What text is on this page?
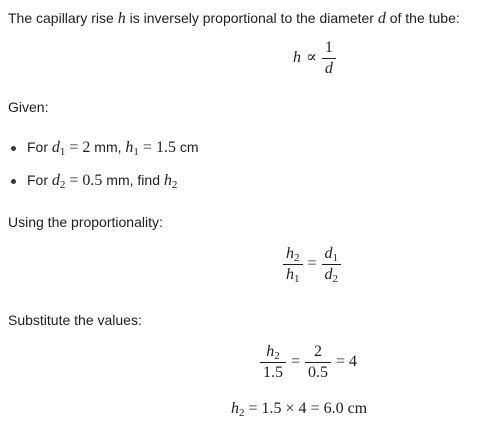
The capillary rise h is inversely proportional to the diameter d of the tube:
$h \propto \frac{1}{d}$
Given:
For $d_1 = 2$ mm, $h_1 = 1.5$ cm
For $d_2 = 0.5$ mm, find $h_2$
Using the proportionality:
$\frac{h_2}{h_1} = \frac{d_1}{d_2}$
Substitute the values:
$\frac{h_2}{1.5} = \frac{2}{0.5} = 4$
$h_2 = 1.5 \times 4 = 6.0$ cm
